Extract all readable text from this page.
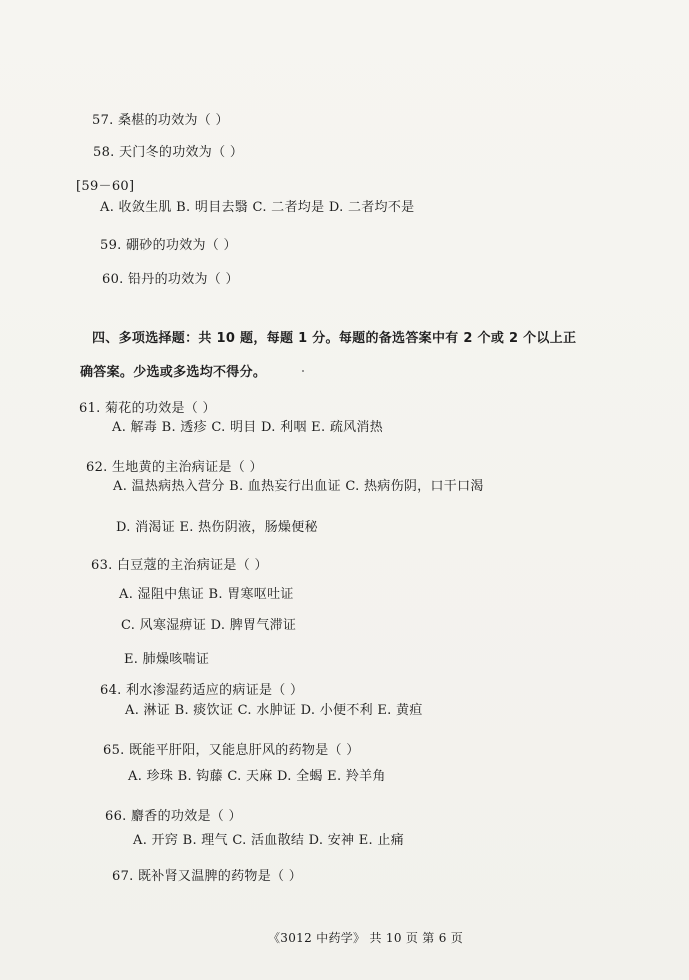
57. 桑椹的功效为（ ）
58. 天门冬的功效为（ ）
[59－60]
A. 收敛生肌 B. 明目去翳 C. 二者均是 D. 二者均不是
59. 硼砂的功效为（ ）
60. 铅丹的功效为（ ）
四、多项选择题：共 10 题，每题 1 分。每题的备选答案中有 2 个或 2 个以上正
确答案。少选或多选均不得分。
61. 菊花的功效是（ ）
A. 解毒 B. 透疹 C. 明目 D. 利咽 E. 疏风消热
62. 生地黄的主治病证是（ ）
A. 温热病热入营分 B. 血热妄行出血证 C. 热病伤阴，口干口渴
D. 消渴证 E. 热伤阴液，肠燥便秘
63. 白豆蔻的主治病证是（ ）
A. 湿阻中焦证 B. 胃寒呕吐证
C. 风寒湿痹证 D. 脾胃气滞证
E. 肺燥咳喘证
64. 利水渗湿药适应的病证是（ ）
A. 淋证 B. 痰饮证 C. 水肿证 D. 小便不利 E. 黄疸
65. 既能平肝阳，又能息肝风的药物是（ ）
A. 珍珠 B. 钩藤 C. 天麻 D. 全蝎 E. 羚羊角
66. 麝香的功效是（ ）
A. 开窍 B. 理气 C. 活血散结 D. 安神 E. 止痛
67. 既补肾又温脾的药物是（ ）
《3012 中药学》 共 10 页 第 6 页
